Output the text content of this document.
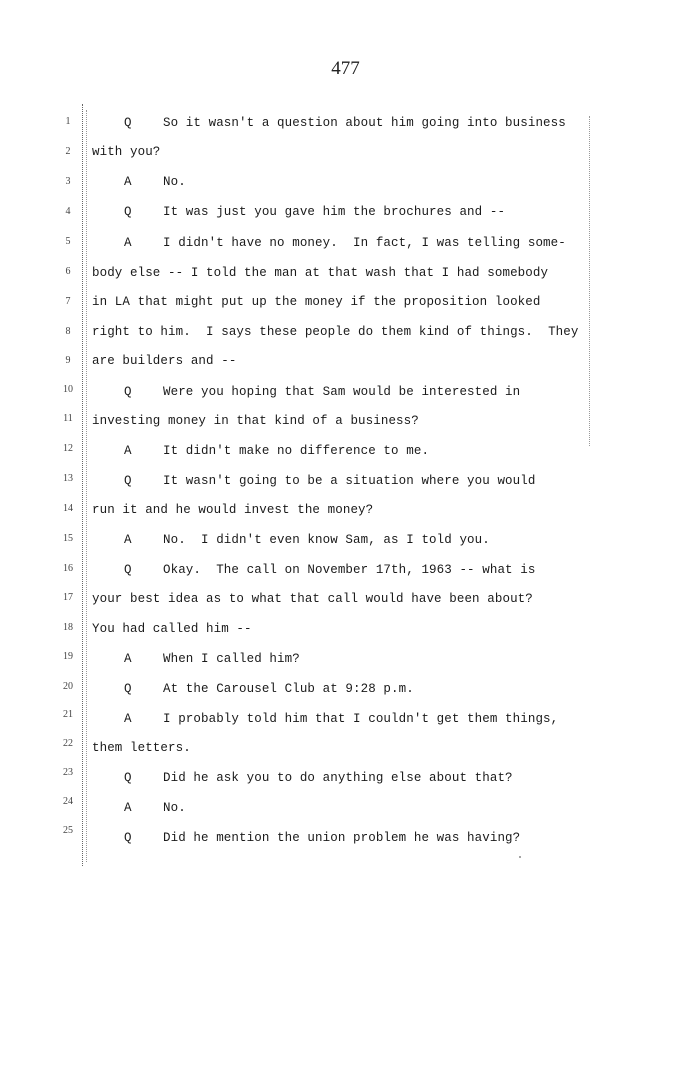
477
1
2
3
4
5
6
7
8
9
10
11
12
13
14
15
16
17
18
19
20
21
22
23
24
25
Q	So it wasn't a question about him going into business
with you?
A	No.
Q	It was just you gave him the brochures and --
A	I didn't have no money.  In fact, I was telling some-
body else -- I told the man at that wash that I had somebody
in LA that might put up the money if the proposition looked
right to him.  I says these people do them kind of things.  They
are builders and --
Q	Were you hoping that Sam would be interested in
investing money in that kind of a business?
A	It didn't make no difference to me.
Q	It wasn't going to be a situation where you would
run it and he would invest the money?
A	No.  I didn't even know Sam, as I told you.
Q	Okay.  The call on November 17th, 1963 -- what is
your best idea as to what that call would have been about?
You had called him --
A	When I called him?
Q	At the Carousel Club at 9:28 p.m.
A	I probably told him that I couldn't get them things,
them letters.
Q	Did he ask you to do anything else about that?
A	No.
Q	Did he mention the union problem he was having?
